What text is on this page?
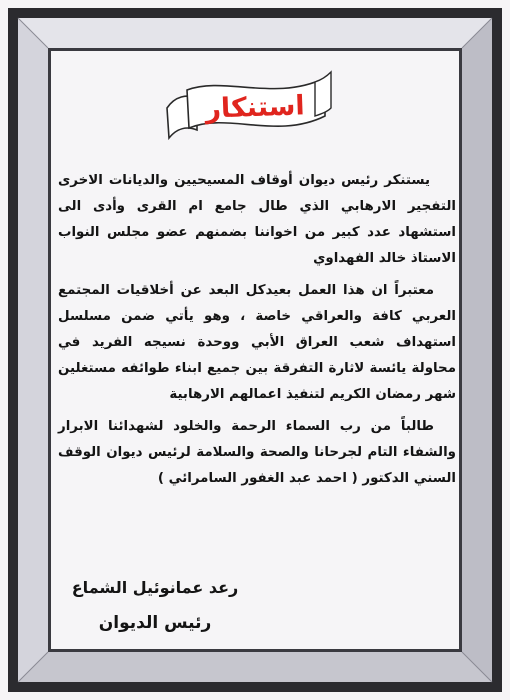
استنكار

يستنكر رئيس ديوان أوقاف المسيحيين والديانات الاخرى التفجير الارهابي الذي طال جامع ام القرى وأدى الى استشهاد عدد كبير من اخواننا بضمنهم عضو مجلس النواب الاستاذ خالد الفهداوي

معتبراً ان هذا العمل بعيدكل البعد عن أخلاقيات المجتمع العربي كافة والعراقي خاصة ، وهو يأتي ضمن مسلسل استهداف شعب العراق الأبي ووحدة نسيجه الفريد في محاولة يائسة لاثارة التفرقة بين جميع ابناء طوائفه مستغلين شهر رمضان الكريم لتنفيذ اعمالهم الارهابية

طالباً من رب السماء الرحمة والخلود لشهدائنا الابرار والشفاء التام لجرحانا والصحة والسلامة لرئيس ديوان الوقف السني الدكتور ( احمد عبد الغفور السامرائي )

رعد عمانوئيل الشماع
رئيس الديوان
